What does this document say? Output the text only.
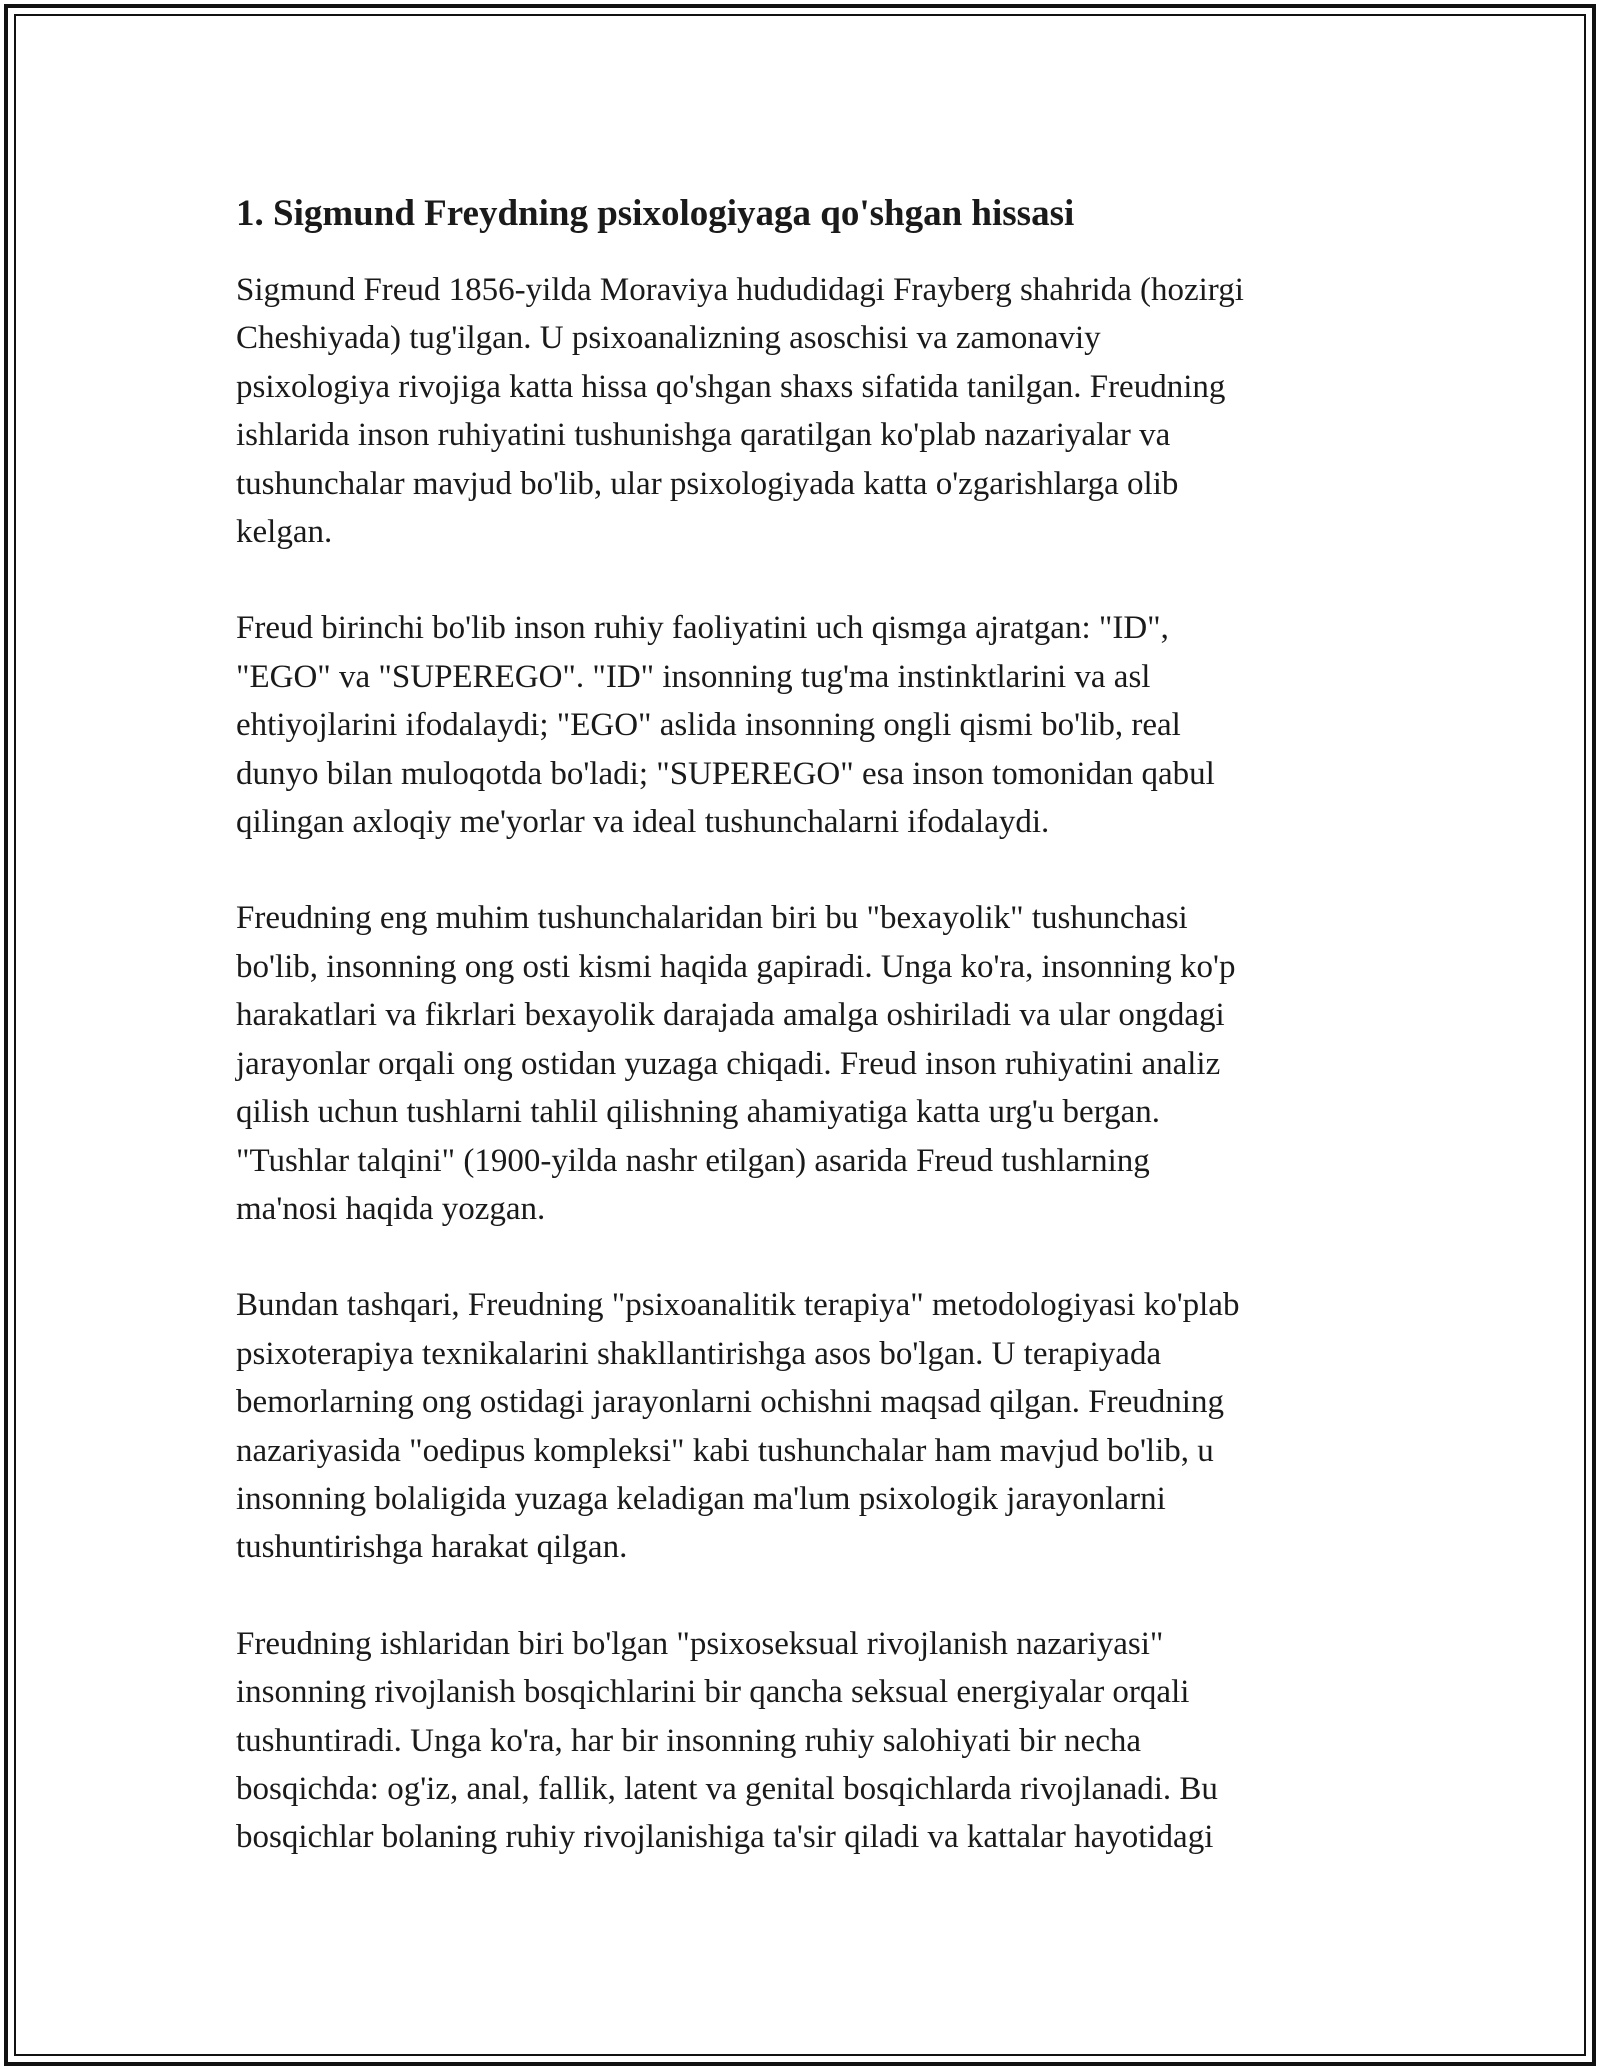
1. Sigmund Freydning psixologiyaga qo'shgan hissasi

Sigmund Freud 1856-yilda Moraviya hududidagi Frayberg shahrida (hozirgi
Cheshiyada) tug'ilgan. U psixoanalizning asoschisi va zamonaviy
psixologiya rivojiga katta hissa qo'shgan shaxs sifatida tanilgan. Freudning
ishlarida inson ruhiyatini tushunishga qaratilgan ko'plab nazariyalar va
tushunchalar mavjud bo'lib, ular psixologiyada katta o'zgarishlarga olib
kelgan.

Freud birinchi bo'lib inson ruhiy faoliyatini uch qismga ajratgan: "ID",
"EGO" va "SUPEREGO". "ID" insonning tug'ma instinktlarini va asl
ehtiyojlarini ifodalaydi; "EGO" aslida insonning ongli qismi bo'lib, real
dunyo bilan muloqotda bo'ladi; "SUPEREGO" esa inson tomonidan qabul
qilingan axloqiy me'yorlar va ideal tushunchalarni ifodalaydi.

Freudning eng muhim tushunchalaridan biri bu "bexayolik" tushunchasi
bo'lib, insonning ong osti kismi haqida gapiradi. Unga ko'ra, insonning ko'p
harakatlari va fikrlari bexayolik darajada amalga oshiriladi va ular ongdagi
jarayonlar orqali ong ostidan yuzaga chiqadi. Freud inson ruhiyatini analiz
qilish uchun tushlarni tahlil qilishning ahamiyatiga katta urg'u bergan.
"Tushlar talqini" (1900-yilda nashr etilgan) asarida Freud tushlarning
ma'nosi haqida yozgan.

Bundan tashqari, Freudning "psixoanalitik terapiya" metodologiyasi ko'plab
psixoterapiya texnikalarini shakllantirishga asos bo'lgan. U terapiyada
bemorlarning ong ostidagi jarayonlarni ochishni maqsad qilgan. Freudning
nazariyasida "oedipus kompleksi" kabi tushunchalar ham mavjud bo'lib, u
insonning bolaligida yuzaga keladigan ma'lum psixologik jarayonlarni
tushuntirishga harakat qilgan.

Freudning ishlaridan biri bo'lgan "psixoseksual rivojlanish nazariyasi"
insonning rivojlanish bosqichlarini bir qancha seksual energiyalar orqali
tushuntiradi. Unga ko'ra, har bir insonning ruhiy salohiyati bir necha
bosqichda: og'iz, anal, fallik, latent va genital bosqichlarda rivojlanadi. Bu
bosqichlar bolaning ruhiy rivojlanishiga ta'sir qiladi va kattalar hayotidagi
